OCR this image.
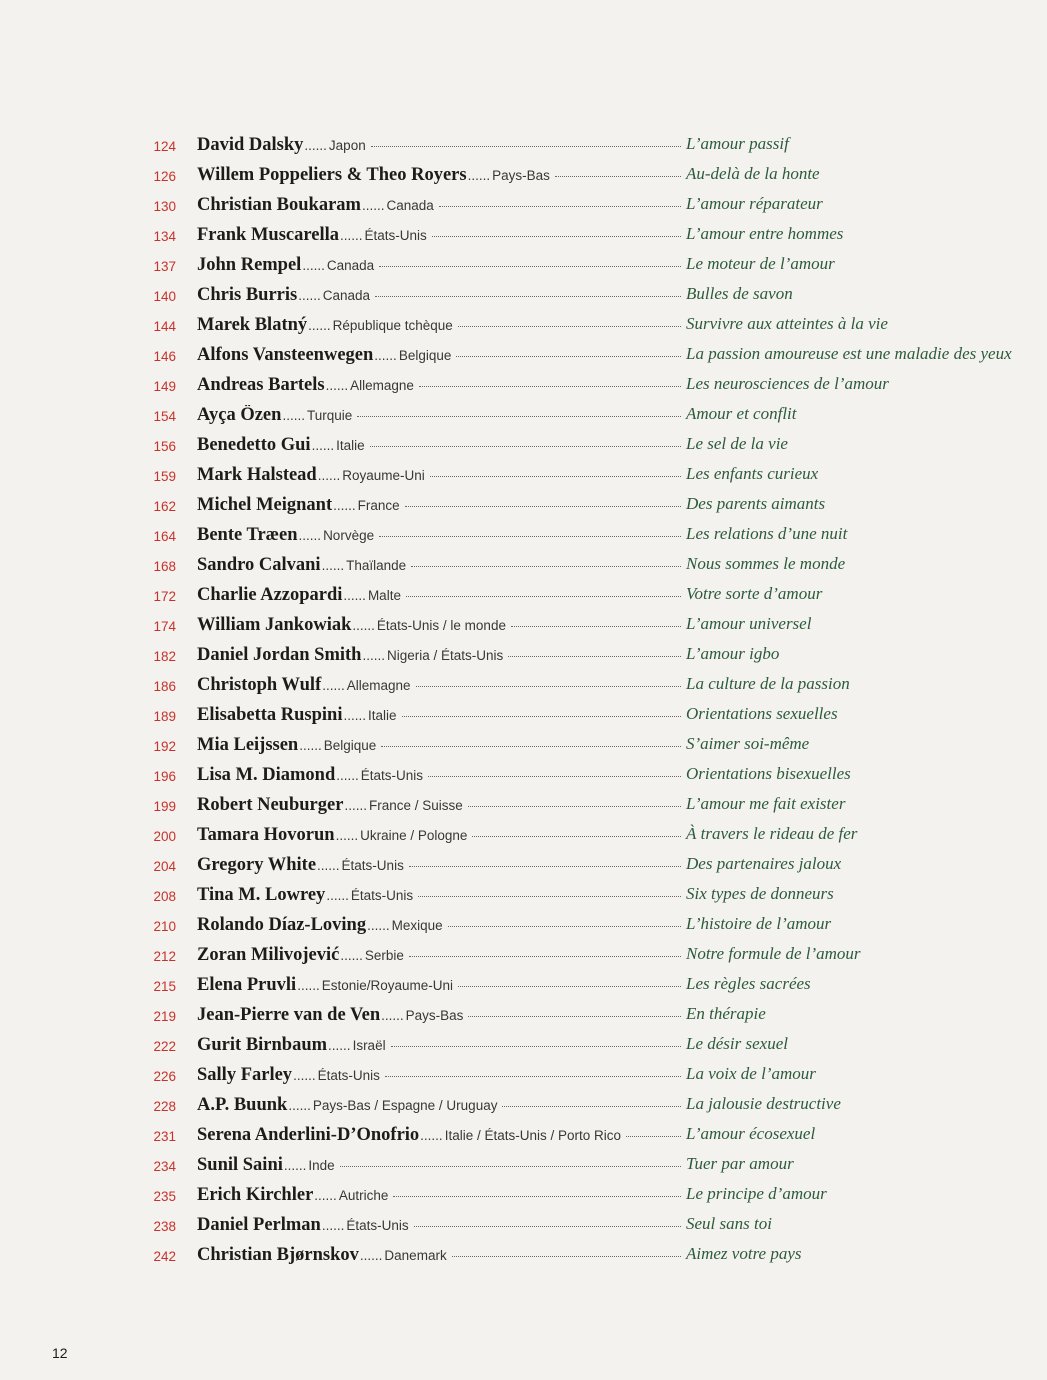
124 David Dalsky ...... Japon	L’amour passif
126 Willem Poppeliers & Theo Royers ...... Pays-Bas	Au-delà de la honte
130 Christian Boukaram ...... Canada	L’amour réparateur
134 Frank Muscarella ...... États-Unis	L’amour entre hommes
137 John Rempel ...... Canada	Le moteur de l’amour
140 Chris Burris ...... Canada	Bulles de savon
144 Marek Blatný ...... République tchèque	Survivre aux atteintes à la vie
146 Alfons Vansteenwegen ...... Belgique	La passion amoureuse est une maladie des yeux
149 Andreas Bartels ...... Allemagne	Les neurosciences de l’amour
154 Ayça Özen ...... Turquie	Amour et conflit
156 Benedetto Gui ...... Italie	Le sel de la vie
159 Mark Halstead ...... Royaume-Uni	Les enfants curieux
162 Michel Meignant ...... France	Des parents aimants
164 Bente Træen ...... Norvège	Les relations d’une nuit
168 Sandro Calvani ...... Thaïlande	Nous sommes le monde
172 Charlie Azzopardi ...... Malte	Votre sorte d’amour
174 William Jankowiak ...... États-Unis / le monde	L’amour universel
182 Daniel Jordan Smith ...... Nigeria / États-Unis	L’amour igbo
186 Christoph Wulf ...... Allemagne	La culture de la passion
189 Elisabetta Ruspini ...... Italie	Orientations sexuelles
192 Mia Leijssen ...... Belgique	S’aimer soi-même
196 Lisa M. Diamond ...... États-Unis	Orientations bisexuelles
199 Robert Neuburger ...... France / Suisse	L’amour me fait exister
200 Tamara Hovorun ...... Ukraine / Pologne	À travers le rideau de fer
204 Gregory White ...... États-Unis	Des partenaires jaloux
208 Tina M. Lowrey ...... États-Unis	Six types de donneurs
210 Rolando Díaz-Loving ...... Mexique	L’histoire de l’amour
212 Zoran Milivojević ...... Serbie	Notre formule de l’amour
215 Elena Pruvli ...... Estonie/Royaume-Uni	Les règles sacrées
219 Jean-Pierre van de Ven ...... Pays-Bas	En thérapie
222 Gurit Birnbaum ...... Israël	Le désir sexuel
226 Sally Farley ...... États-Unis	La voix de l’amour
228 A.P. Buunk ...... Pays-Bas / Espagne / Uruguay	La jalousie destructive
231 Serena Anderlini-D’Onofrio ...... Italie / États-Unis / Porto Rico	L’amour écosexuel
234 Sunil Saini ...... Inde	Tuer par amour
235 Erich Kirchler ...... Autriche	Le principe d’amour
238 Daniel Perlman ...... États-Unis	Seul sans toi
242 Christian Bjørnskov ...... Danemark	Aimez votre pays
12
